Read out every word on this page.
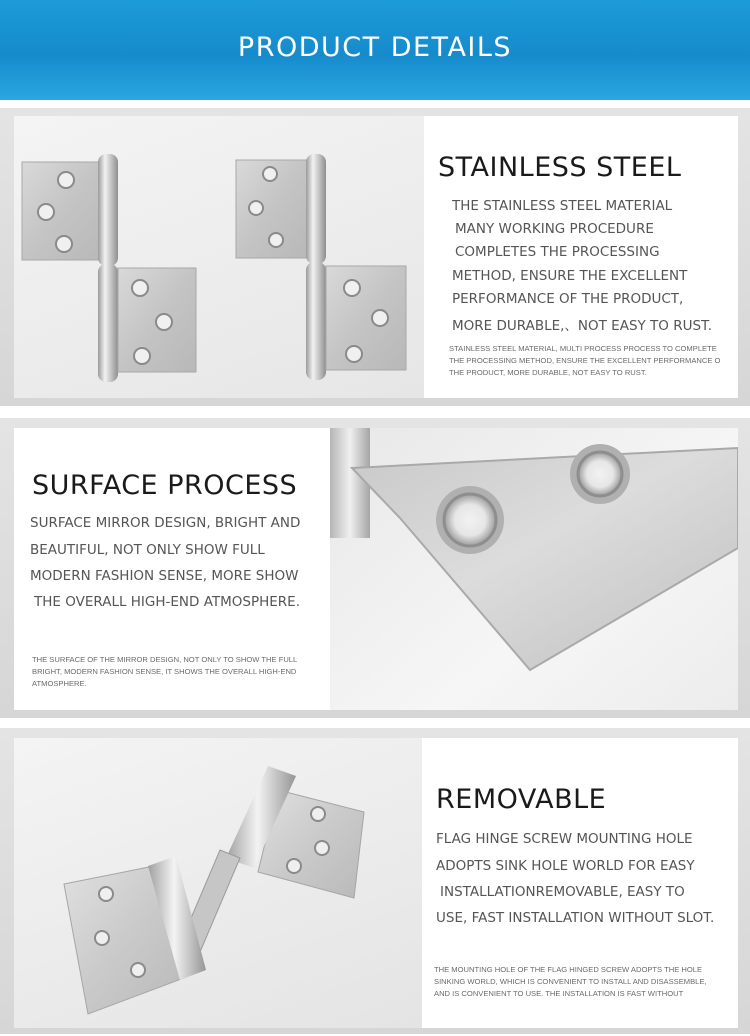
PRODUCT DETAILS
STAINLESS STEEL
THE STAINLESS STEEL MATERIAL
MANY WORKING PROCEDURE
COMPLETES THE PROCESSING
METHOD, ENSURE THE EXCELLENT
PERFORMANCE OF THE PRODUCT,
MORE DURABLE,、NOT EASY TO RUST.
STAINLESS STEEL MATERIAL, MULTI PROCESS PROCESS TO COMPLETE
THE PROCESSING METHOD, ENSURE THE EXCELLENT PERFORMANCE O
THE PRODUCT, MORE DURABLE, NOT EASY TO RUST.
SURFACE PROCESS
SURFACE MIRROR DESIGN, BRIGHT AND
BEAUTIFUL, NOT ONLY SHOW FULL
MODERN FASHION SENSE, MORE SHOW
THE OVERALL HIGH-END ATMOSPHERE.
THE SURFACE OF THE MIRROR DESIGN, NOT ONLY TO SHOW THE FULL
BRIGHT, MODERN FASHION SENSE, IT SHOWS THE OVERALL HIGH-END
ATMOSPHERE.
REMOVABLE
FLAG HINGE SCREW MOUNTING HOLE
ADOPTS SINK HOLE WORLD FOR EASY
INSTALLATIONREMOVABLE, EASY TO
USE, FAST INSTALLATION WITHOUT SLOT.
THE MOUNTING HOLE OF THE FLAG HINGED SCREW ADOPTS THE HOLE
SINKING WORLD, WHICH IS CONVENIENT TO INSTALL AND DISASSEMBLE,
AND IS CONVENIENT TO USE. THE INSTALLATION IS FAST WITHOUT
